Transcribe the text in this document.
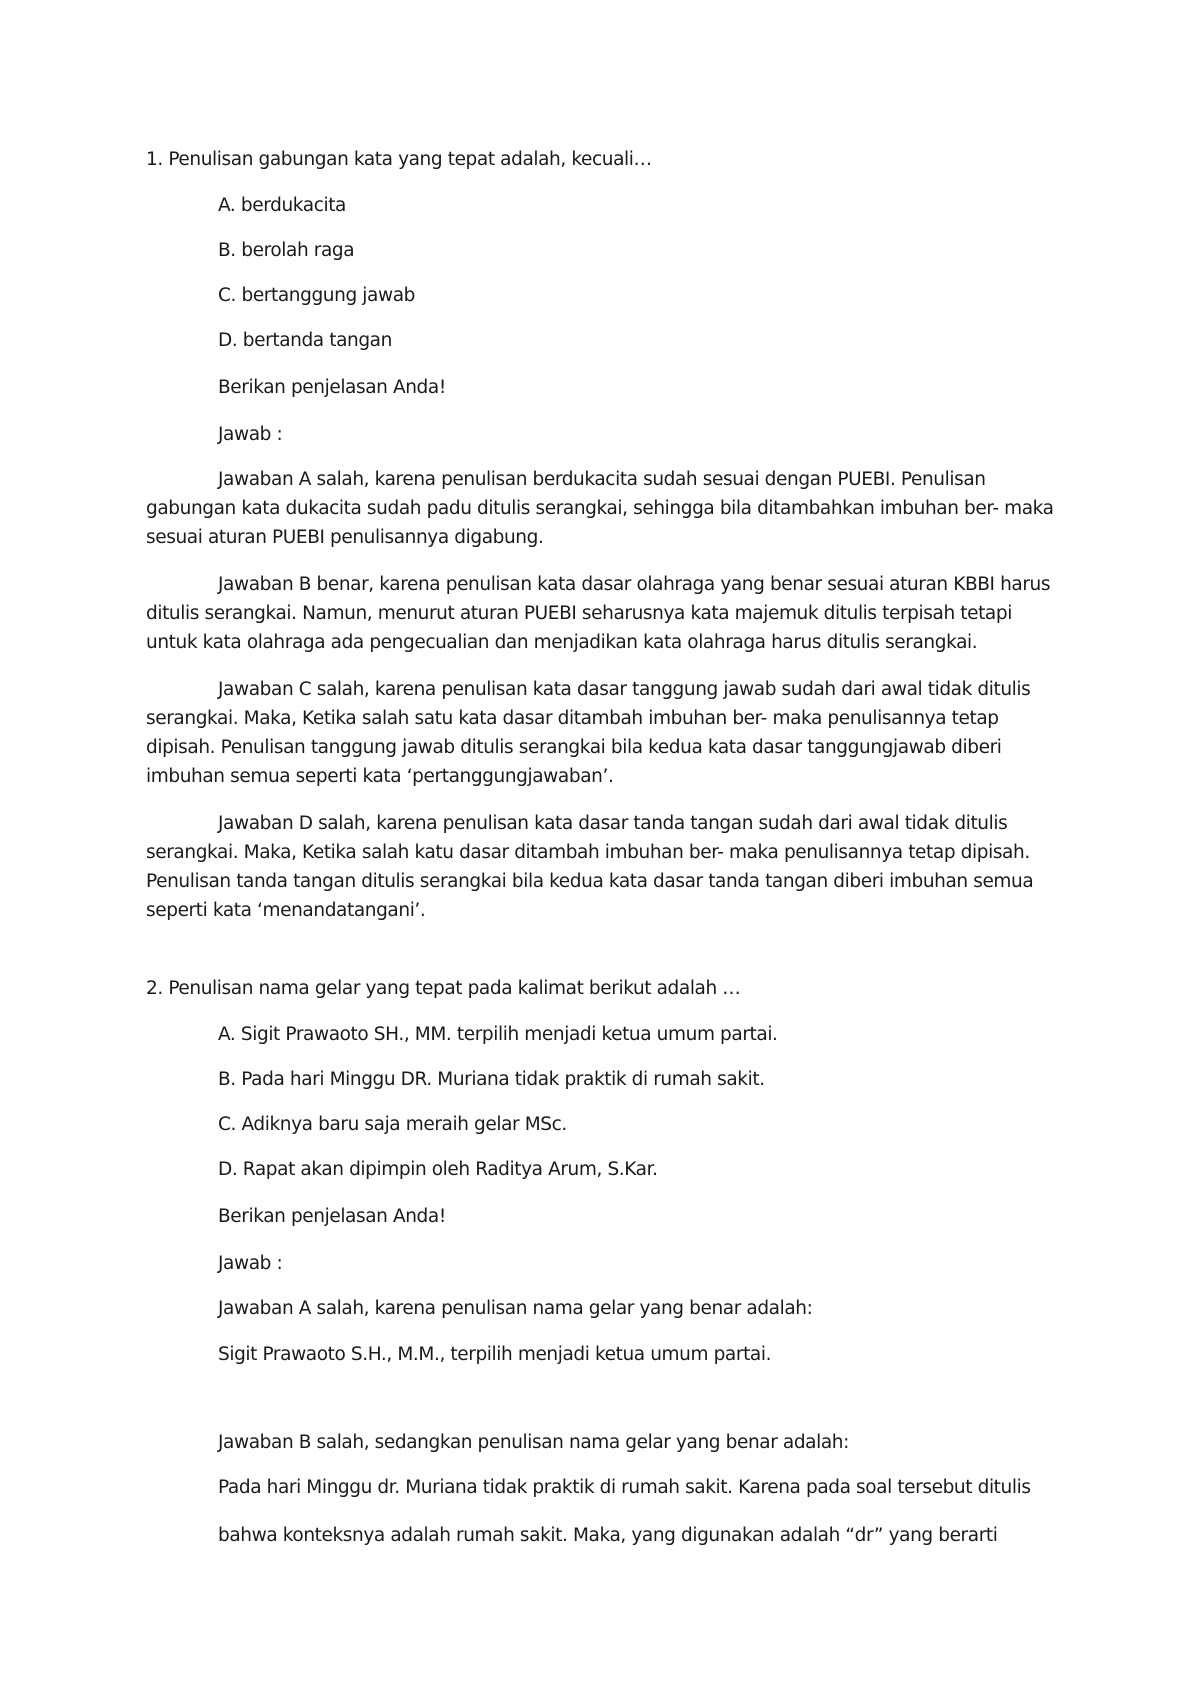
1. Penulisan gabungan kata yang tepat adalah, kecuali…
A. berdukacita
B. berolah raga
C. bertanggung jawab
D. bertanda tangan
Berikan penjelasan Anda!
Jawab :
Jawaban A salah, karena penulisan berdukacita sudah sesuai dengan PUEBI. Penulisan
gabungan kata dukacita sudah padu ditulis serangkai, sehingga bila ditambahkan imbuhan ber- maka
sesuai aturan PUEBI penulisannya digabung.
Jawaban B benar, karena penulisan kata dasar olahraga yang benar sesuai aturan KBBI harus
ditulis serangkai. Namun, menurut aturan PUEBI seharusnya kata majemuk ditulis terpisah tetapi
untuk kata olahraga ada pengecualian dan menjadikan kata olahraga harus ditulis serangkai.
Jawaban C salah, karena penulisan kata dasar tanggung jawab sudah dari awal tidak ditulis
serangkai. Maka, Ketika salah satu kata dasar ditambah imbuhan ber- maka penulisannya tetap
dipisah. Penulisan tanggung jawab ditulis serangkai bila kedua kata dasar tanggungjawab diberi
imbuhan semua seperti kata ‘pertanggungjawaban’.
Jawaban D salah, karena penulisan kata dasar tanda tangan sudah dari awal tidak ditulis
serangkai. Maka, Ketika salah katu dasar ditambah imbuhan ber- maka penulisannya tetap dipisah.
Penulisan tanda tangan ditulis serangkai bila kedua kata dasar tanda tangan diberi imbuhan semua
seperti kata ‘menandatangani’.
2. Penulisan nama gelar yang tepat pada kalimat berikut adalah …
A. Sigit Prawaoto SH., MM. terpilih menjadi ketua umum partai.
B. Pada hari Minggu DR. Muriana tidak praktik di rumah sakit.
C. Adiknya baru saja meraih gelar MSc.
D. Rapat akan dipimpin oleh Raditya Arum, S.Kar.
Berikan penjelasan Anda!
Jawab :
Jawaban A salah, karena penulisan nama gelar yang benar adalah:
Sigit Prawaoto S.H., M.M., terpilih menjadi ketua umum partai.
Jawaban B salah, sedangkan penulisan nama gelar yang benar adalah:
Pada hari Minggu dr. Muriana tidak praktik di rumah sakit. Karena pada soal tersebut ditulis
bahwa konteksnya adalah rumah sakit. Maka, yang digunakan adalah “dr” yang berarti
